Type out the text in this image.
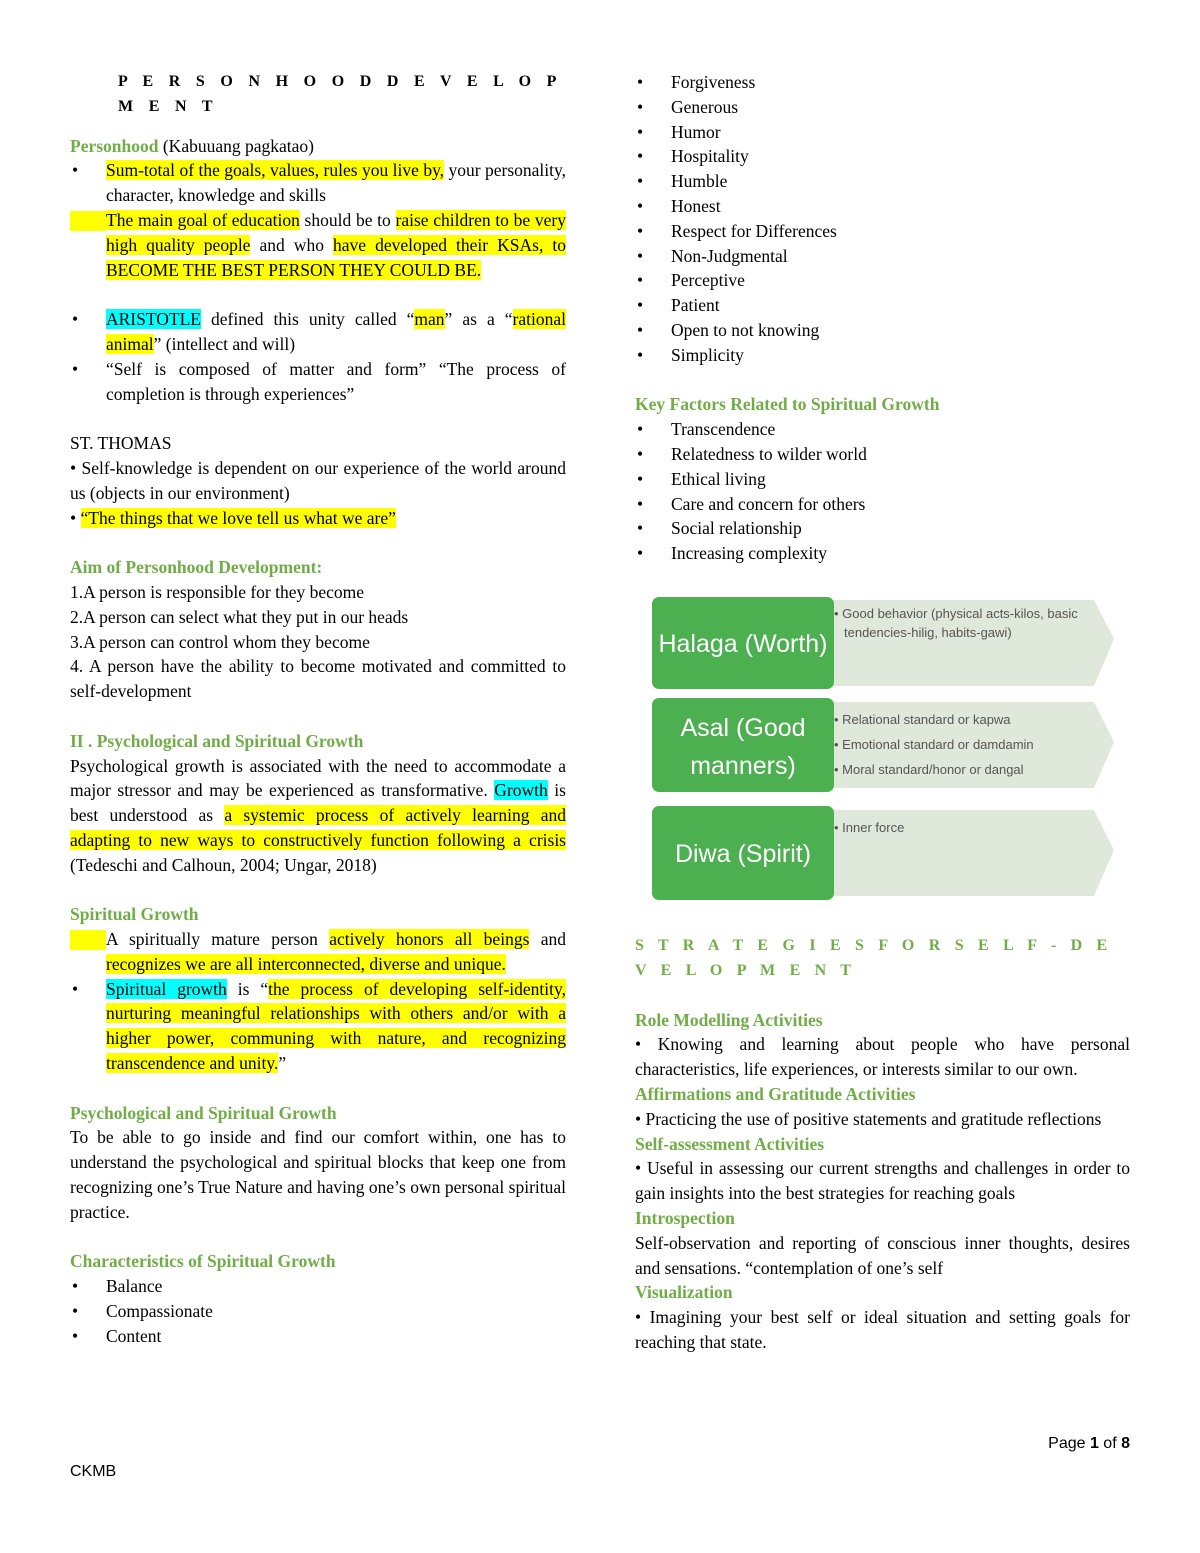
P E R S O N H O O D D E V E L O P M E N T

Personhood (Kabuuang pagkatao)

• Sum-total of the goals, values, rules you live by, your personality, character, knowledge and skills
• The main goal of education should be to raise children to be very high quality people and who have developed their KSAs, to BECOME THE BEST PERSON THEY COULD BE.
• ARISTOTLE defined this unity called “man” as a “rational animal” (intellect and will)
• “Self is composed of matter and form” “The process of completion is through experiences”

ST. THOMAS

• Self-knowledge is dependent on our experience of the world around us (objects in our environment)

• “The things that we love tell us what we are”

Aim of Personhood Development:

1.A person is responsible for they become

2.A person can select what they put in our heads

3.A person can control whom they become

4. A person have the ability to become motivated and committed to self-development

II . Psychological and Spiritual Growth

Psychological growth is associated with the need to accommodate a major stressor and may be experienced as transformative. Growth is best understood as a systemic process of actively learning and adapting to new ways to constructively function following a crisis (Tedeschi and Calhoun, 2004; Ungar, 2018)

Spiritual Growth

• A spiritually mature person actively honors all beings and recognizes we are all interconnected, diverse and unique.
• Spiritual growth is “the process of developing self-identity, nurturing meaningful relationships with others and/or with a higher power, communing with nature, and recognizing transcendence and unity.”

Psychological and Spiritual Growth

To be able to go inside and find our comfort within, one has to understand the psychological and spiritual blocks that keep one from recognizing one’s True Nature and having one’s own personal spiritual practice.

Characteristics of Spiritual Growth

• Balance
• Compassionate
• Content
• Forgiveness
• Generous
• Humor
• Hospitality
• Humble
• Honest
• Respect for Differences
• Non-Judgmental
• Perceptive
• Patient
• Open to not knowing
• Simplicity

Key Factors Related to Spiritual Growth

• Transcendence
• Relatedness to wilder world
• Ethical living
• Care and concern for others
• Social relationship
• Increasing complexity

S T R A T E G I E S F O R S E L F - D E V E L O P M E N T

Role Modelling Activities

• Knowing and learning about people who have personal characteristics, life experiences, or interests similar to our own.

Affirmations and Gratitude Activities

• Practicing the use of positive statements and gratitude reflections

Self-assessment Activities

• Useful in assessing our current strengths and challenges in order to gain insights into the best strategies for reaching goals

Introspection

Self-observation and reporting of conscious inner thoughts, desires and sensations. “contemplation of one’s self

Visualization

• Imagining your best self or ideal situation and setting goals for reaching that state.

Halaga (Worth)
• Good behavior (physical acts-kilos, basic
tendencies-hilig, habits-gawi)
Asal (Good
manners)
• Relational standard or kapwa
• Emotional standard or damdamin
• Moral standard/honor or dangal
Diwa (Spirit)
• Inner force
Page 1 of 8
CKMB
